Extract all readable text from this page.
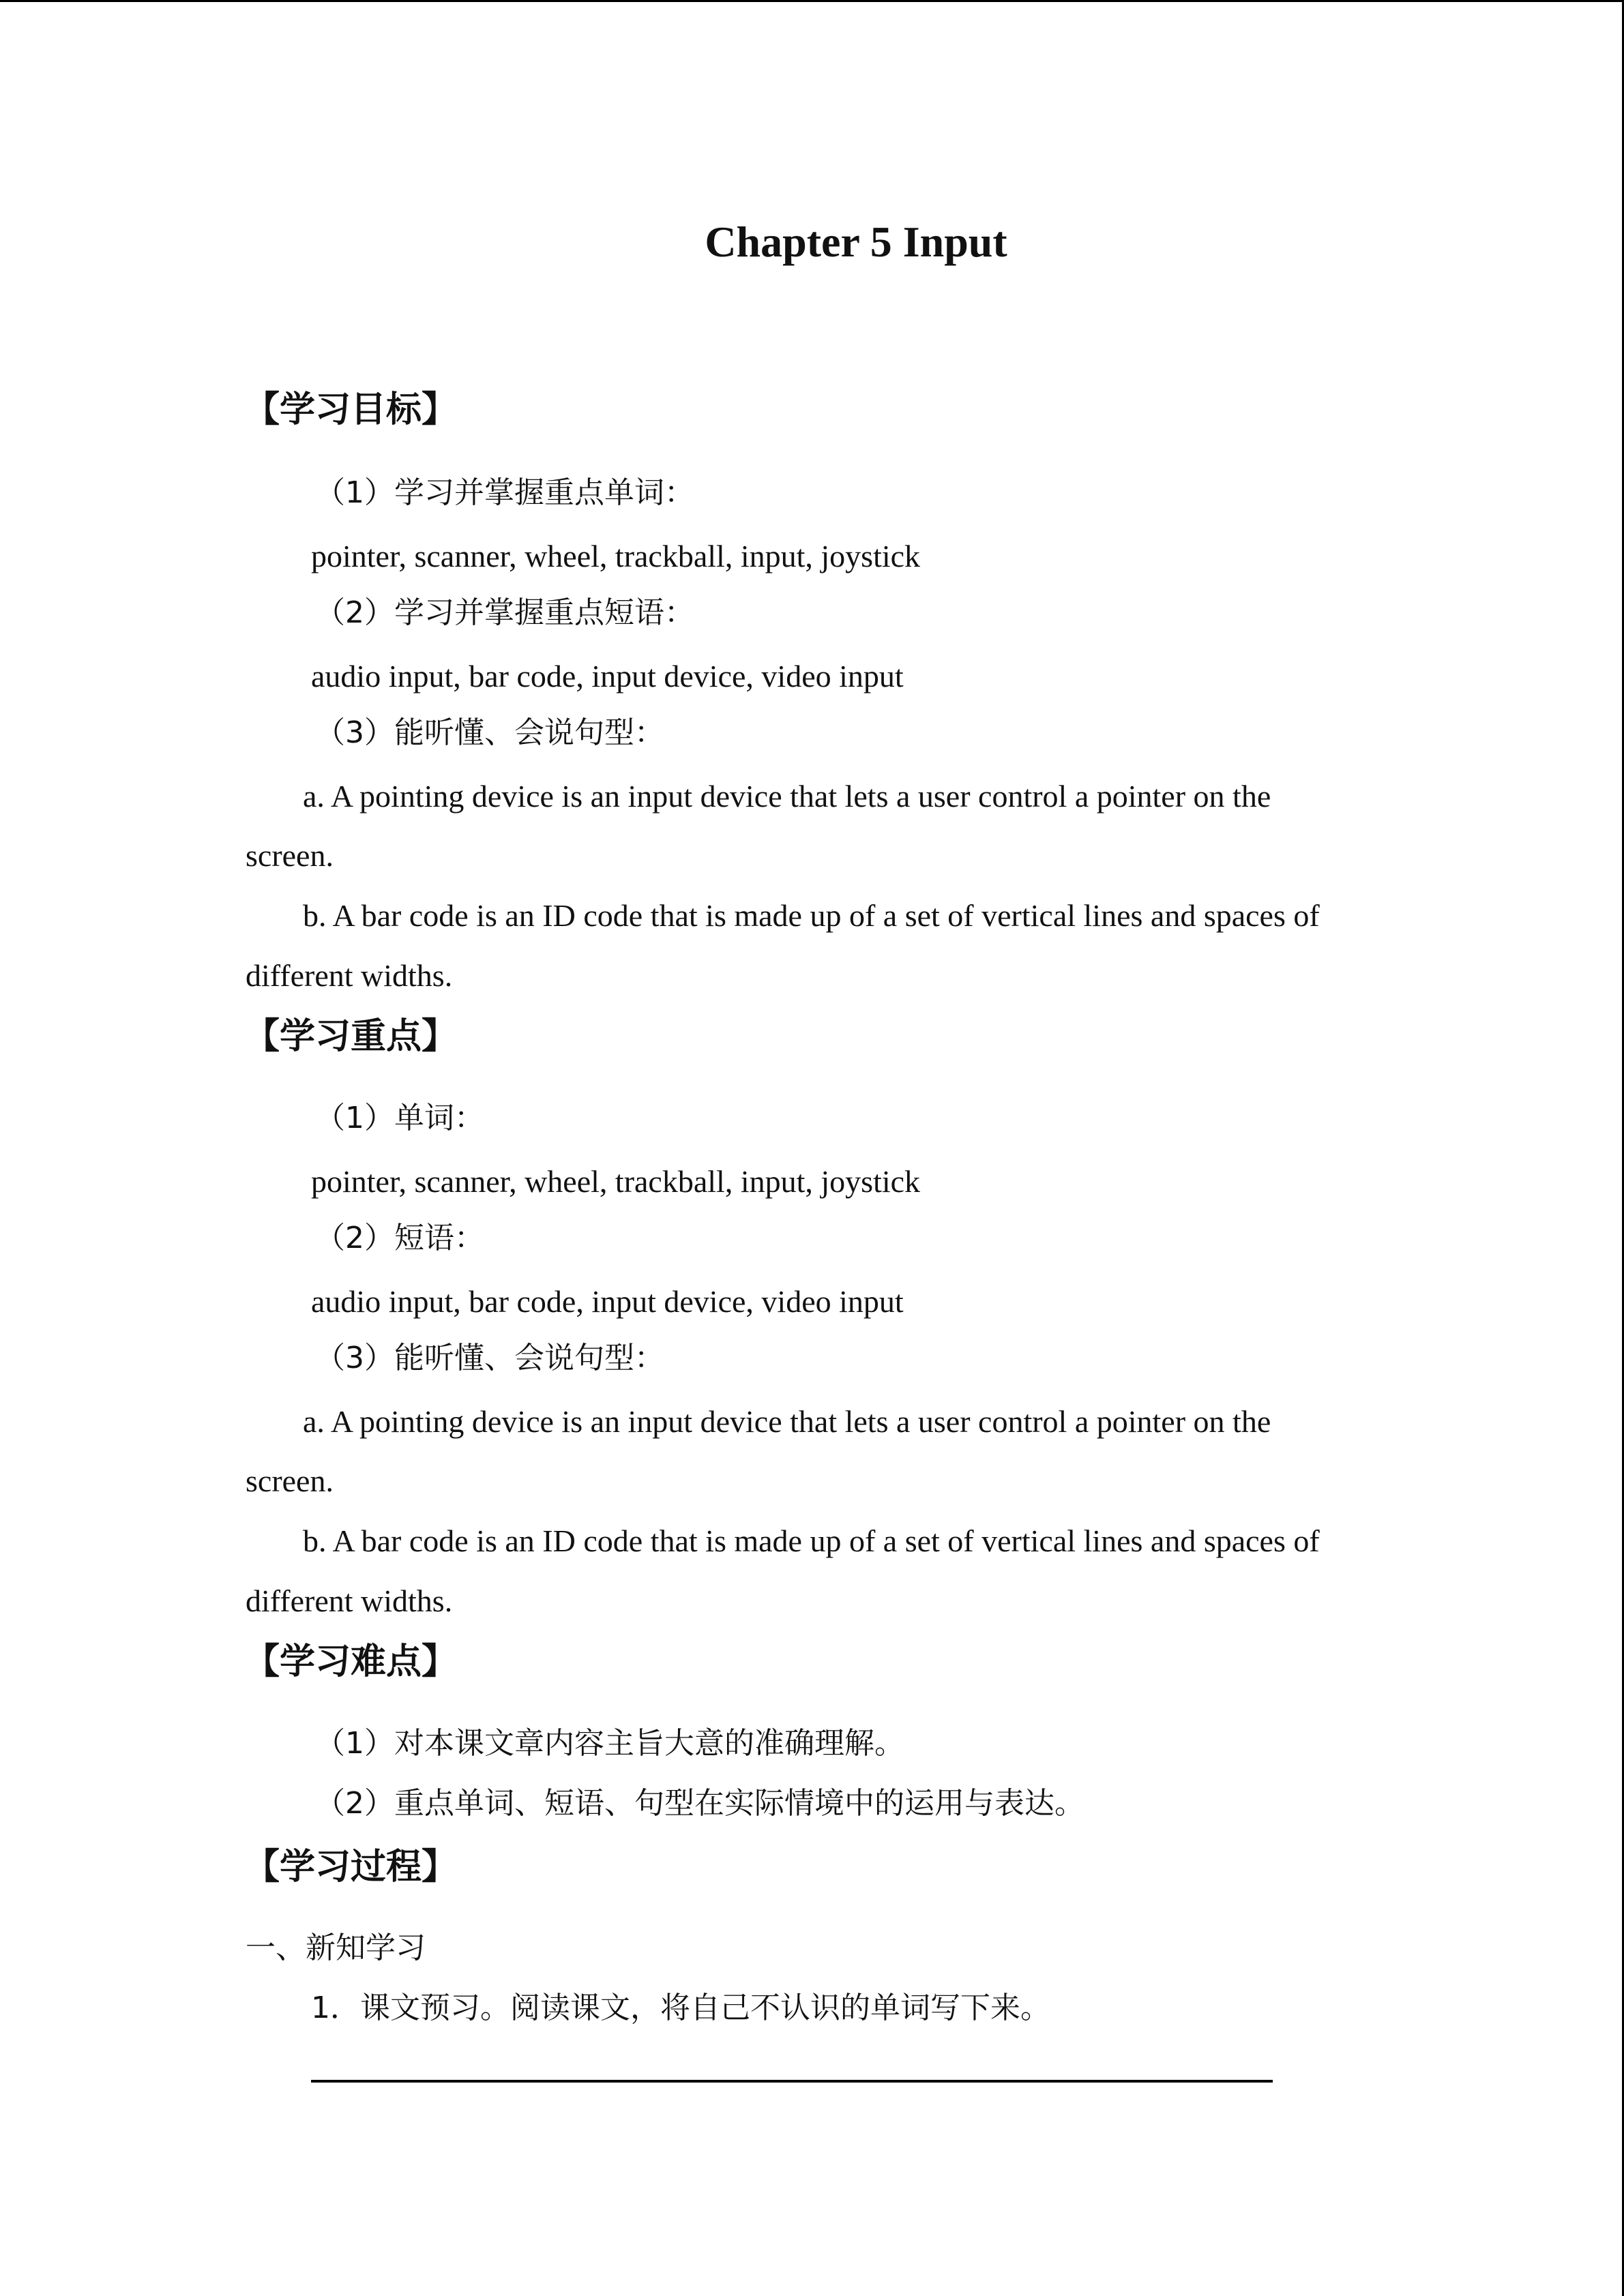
Chapter 5 Input
【学习目标】
（1）学习并掌握重点单词：
pointer, scanner, wheel, trackball, input, joystick
（2）学习并掌握重点短语：
audio input, bar code, input device, video input
（3）能听懂、会说句型：
a. A pointing device is an input device that lets a user control a pointer on the
screen.
b. A bar code is an ID code that is made up of a set of vertical lines and spaces of
different widths.
【学习重点】
（1）单词：
pointer, scanner, wheel, trackball, input, joystick
（2）短语：
audio input, bar code, input device, video input
（3）能听懂、会说句型：
a. A pointing device is an input device that lets a user control a pointer on the
screen.
b. A bar code is an ID code that is made up of a set of vertical lines and spaces of
different widths.
【学习难点】
（1）对本课文章内容主旨大意的准确理解。
（2）重点单词、短语、句型在实际情境中的运用与表达。
【学习过程】
一、新知学习
1．课文预习。阅读课文，将自己不认识的单词写下来。
